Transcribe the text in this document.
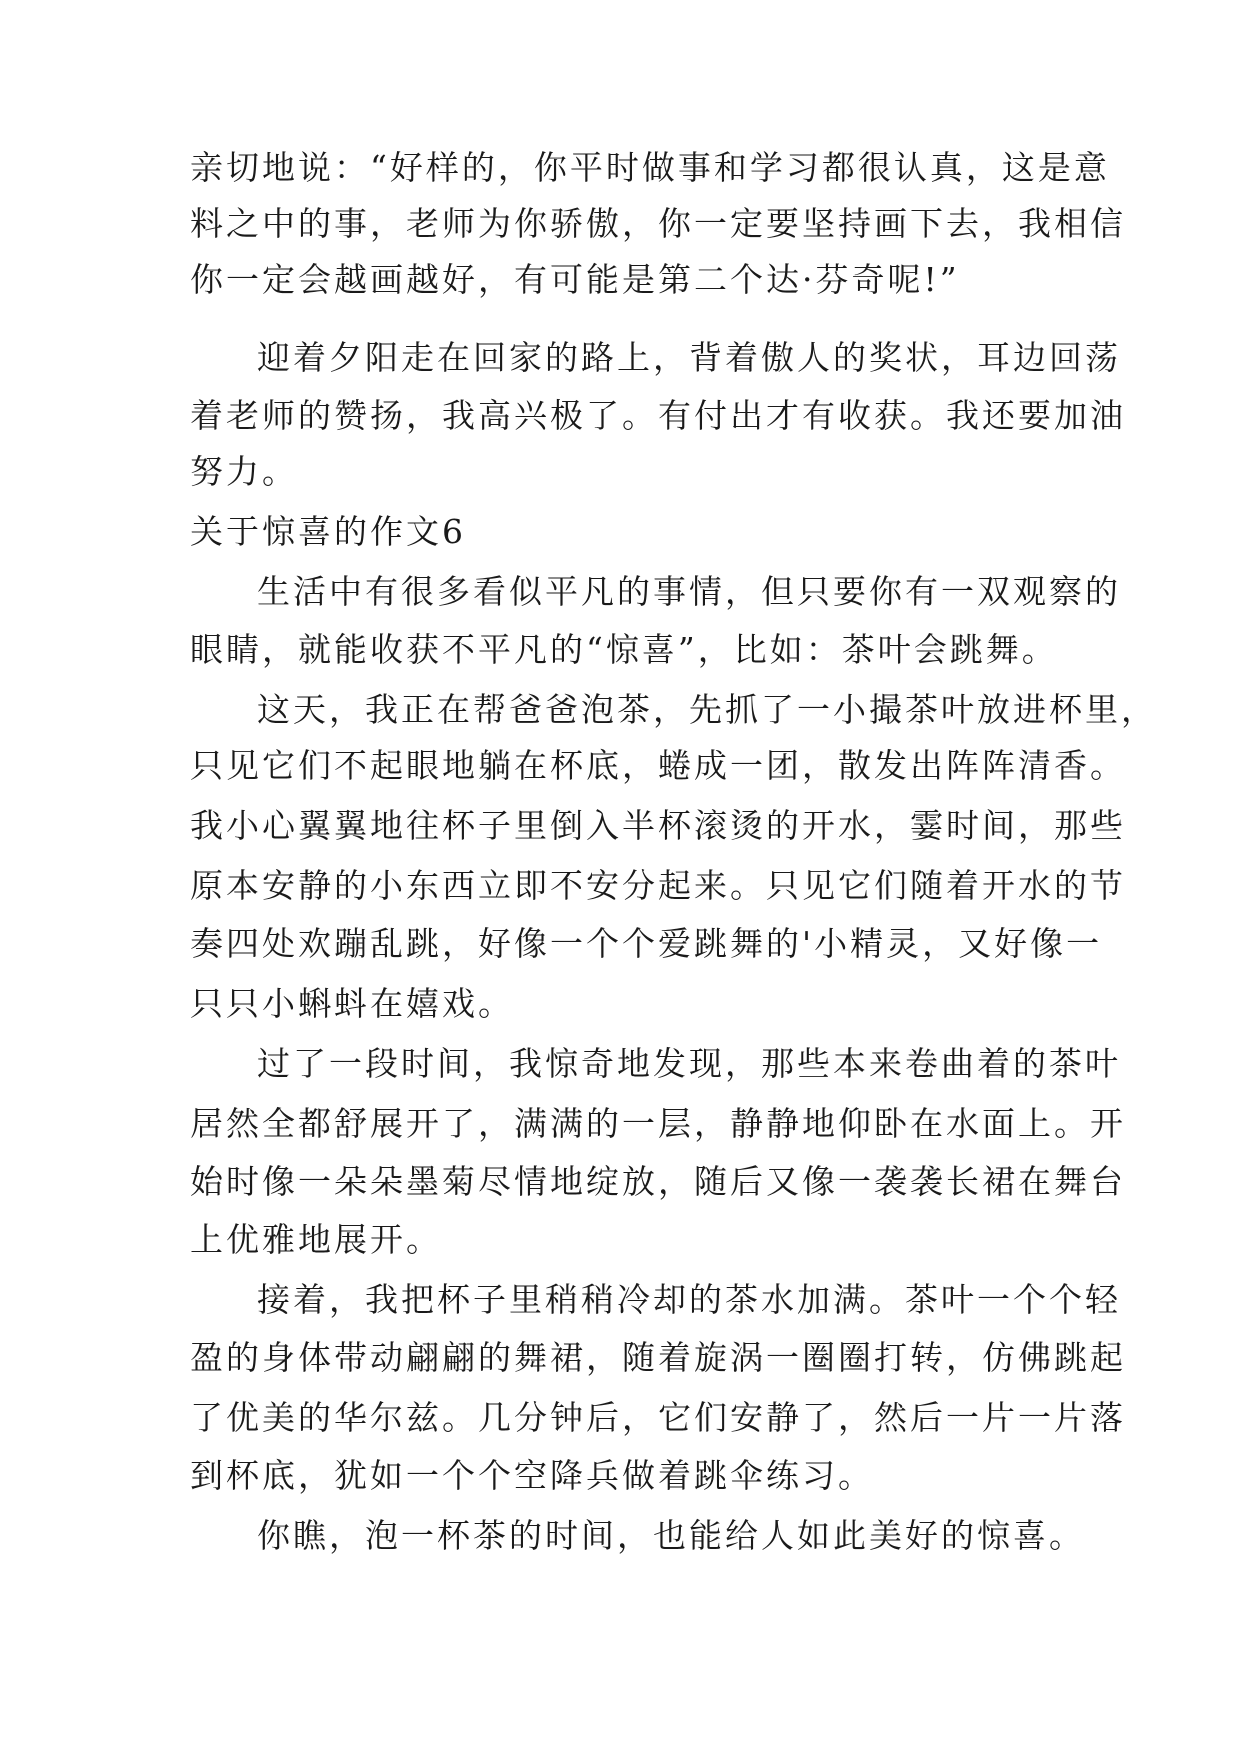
亲切地说：“好样的，你平时做事和学习都很认真，这是意
料之中的事，老师为你骄傲，你一定要坚持画下去，我相信
你一定会越画越好，有可能是第二个达·芬奇呢!”
迎着夕阳走在回家的路上，背着傲人的奖状，耳边回荡
着老师的赞扬，我高兴极了。有付出才有收获。我还要加油
努力。
关于惊喜的作文6
生活中有很多看似平凡的事情，但只要你有一双观察的
眼睛，就能收获不平凡的“惊喜”，比如：茶叶会跳舞。
这天，我正在帮爸爸泡茶，先抓了一小撮茶叶放进杯里，
只见它们不起眼地躺在杯底，蜷成一团，散发出阵阵清香。
我小心翼翼地往杯子里倒入半杯滚烫的开水，霎时间，那些
原本安静的小东西立即不安分起来。只见它们随着开水的节
奏四处欢蹦乱跳，好像一个个爱跳舞的'小精灵，又好像一
只只小蝌蚪在嬉戏。
过了一段时间，我惊奇地发现，那些本来卷曲着的茶叶
居然全都舒展开了，满满的一层，静静地仰卧在水面上。开
始时像一朵朵墨菊尽情地绽放，随后又像一袭袭长裙在舞台
上优雅地展开。
接着，我把杯子里稍稍冷却的茶水加满。茶叶一个个轻
盈的身体带动翩翩的舞裙，随着旋涡一圈圈打转，仿佛跳起
了优美的华尔兹。几分钟后，它们安静了，然后一片一片落
到杯底，犹如一个个空降兵做着跳伞练习。
你瞧，泡一杯茶的时间，也能给人如此美好的惊喜。
